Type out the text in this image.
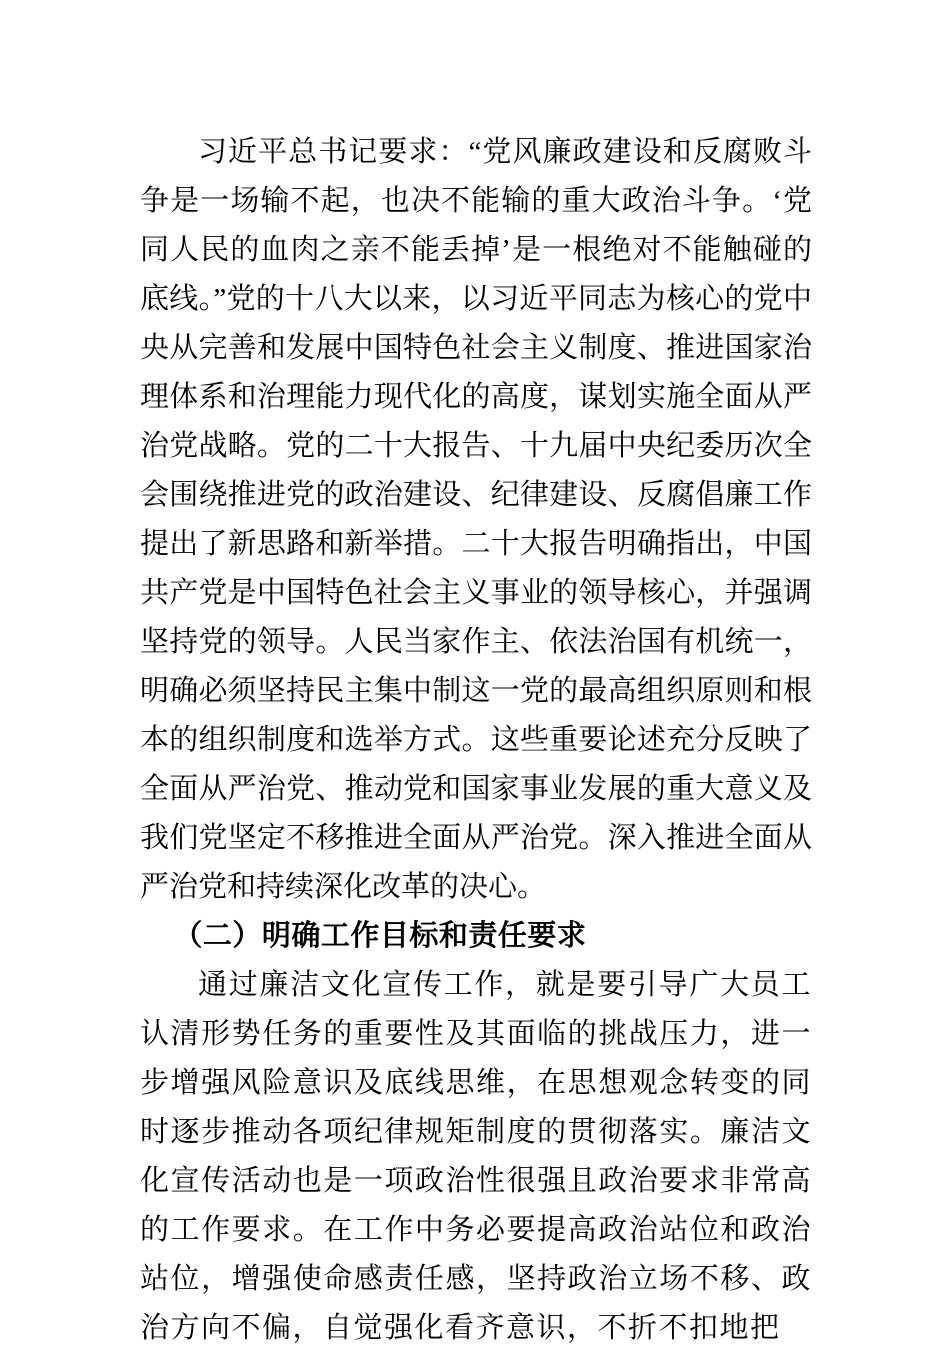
习近平总书记要求：“党风廉政建设和反腐败斗争是一场输不起，也决不能输的重大政治斗争。‘党同人民的血肉之亲不能丢掉’是一根绝对不能触碰的底线。”党的十八大以来，以习近平同志为核心的党中央从完善和发展中国特色社会主义制度、推进国家治理体系和治理能力现代化的高度，谋划实施全面从严治党战略。党的二十大报告、十九届中央纪委历次全会围绕推进党的政治建设、纪律建设、反腐倡廉工作提出了新思路和新举措。二十大报告明确指出，中国共产党是中国特色社会主义事业的领导核心，并强调坚持党的领导。人民当家作主、依法治国有机统一，明确必须坚持民主集中制这一党的最高组织原则和根本的组织制度和选举方式。这些重要论述充分反映了全面从严治党、推动党和国家事业发展的重大意义及我们党坚定不移推进全面从严治党。深入推进全面从严治党和持续深化改革的决心。

（二）明确工作目标和责任要求

通过廉洁文化宣传工作，就是要引导广大员工认清形势任务的重要性及其面临的挑战压力，进一步增强风险意识及底线思维，在思想观念转变的同时逐步推动各项纪律规矩制度的贯彻落实。廉洁文化宣传活动也是一项政治性很强且政治要求非常高的工作要求。在工作中务必要提高政治站位和政治站位，增强使命感责任感，坚持政治立场不移、政治方向不偏，自觉强化看齐意识，不折不扣地把
